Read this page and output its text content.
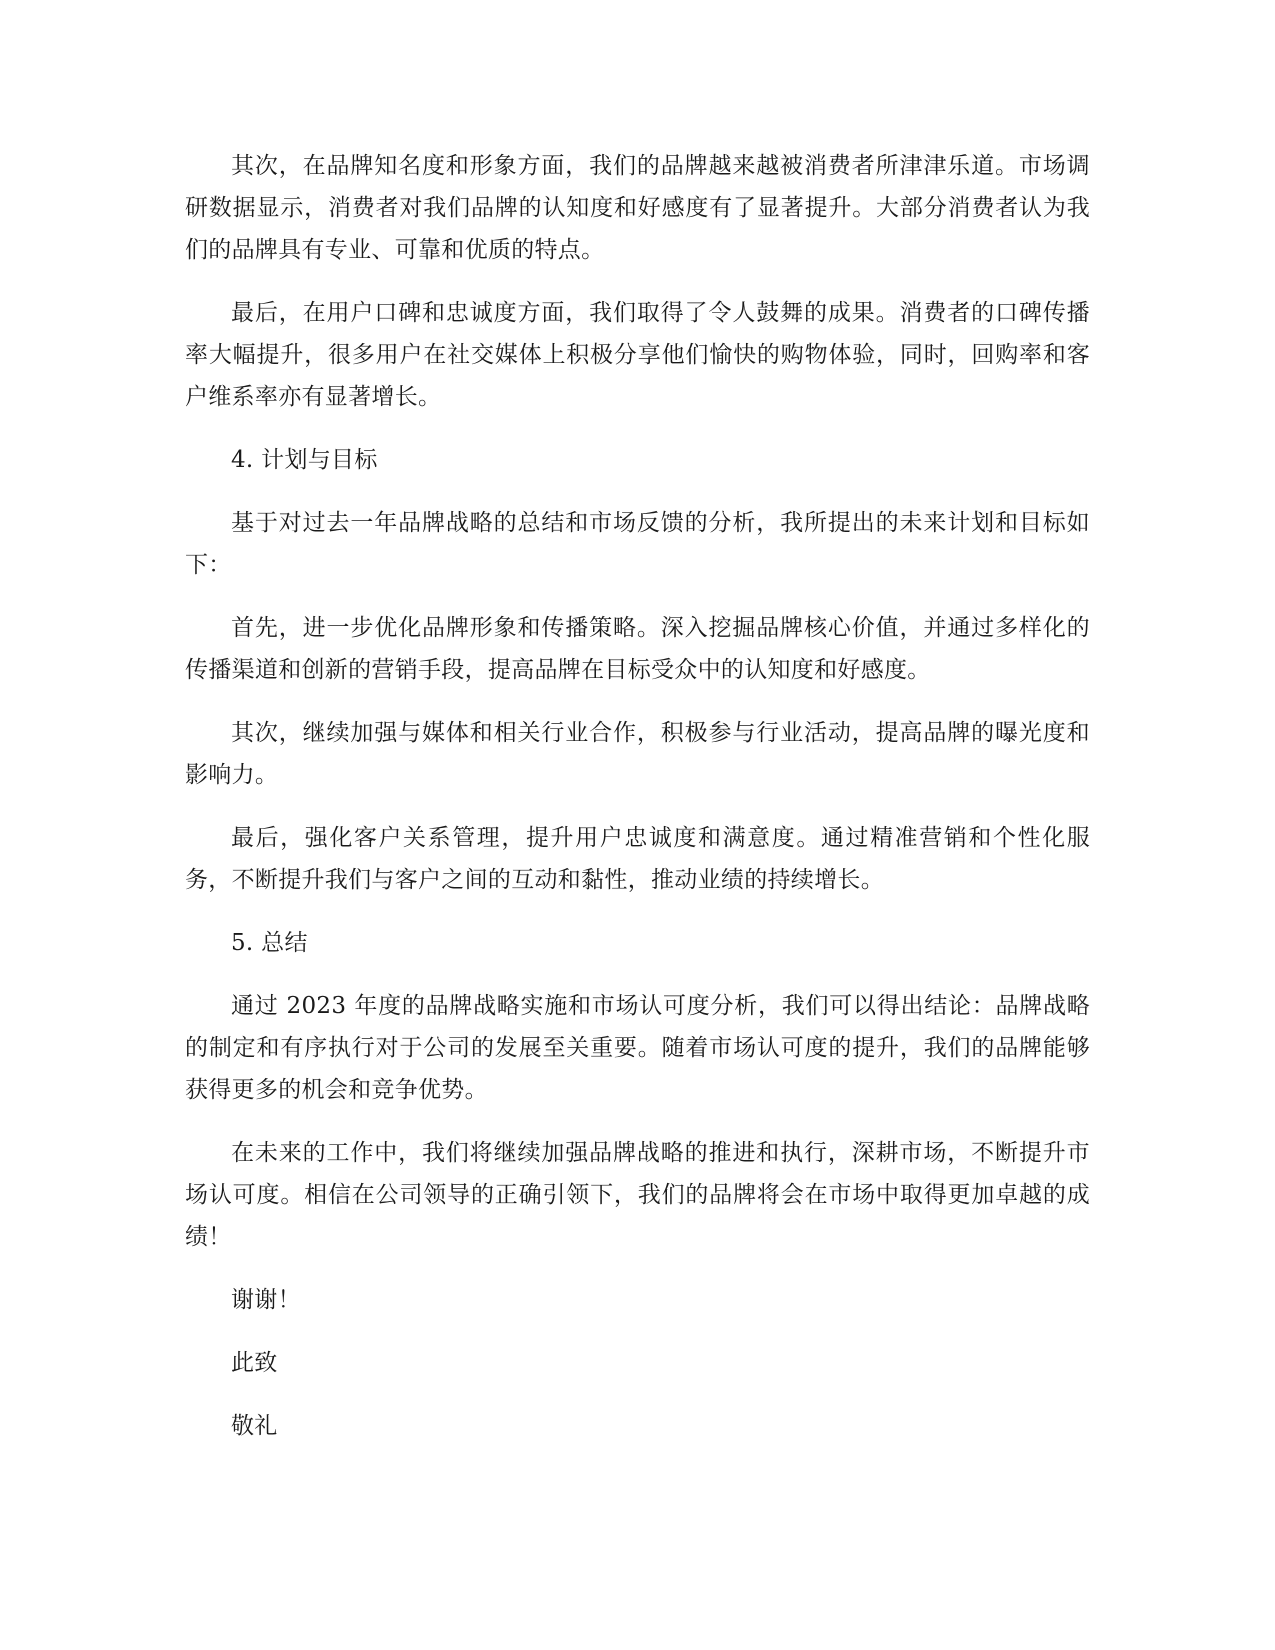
其次，在品牌知名度和形象方面，我们的品牌越来越被消费者所津津乐道。市场调研数据显示，消费者对我们品牌的认知度和好感度有了显著提升。大部分消费者认为我们的品牌具有专业、可靠和优质的特点。

最后，在用户口碑和忠诚度方面，我们取得了令人鼓舞的成果。消费者的口碑传播率大幅提升，很多用户在社交媒体上积极分享他们愉快的购物体验，同时，回购率和客户维系率亦有显著增长。

4. 计划与目标

基于对过去一年品牌战略的总结和市场反馈的分析，我所提出的未来计划和目标如下：

首先，进一步优化品牌形象和传播策略。深入挖掘品牌核心价值，并通过多样化的传播渠道和创新的营销手段，提高品牌在目标受众中的认知度和好感度。

其次，继续加强与媒体和相关行业合作，积极参与行业活动，提高品牌的曝光度和影响力。

最后，强化客户关系管理，提升用户忠诚度和满意度。通过精准营销和个性化服务，不断提升我们与客户之间的互动和黏性，推动业绩的持续增长。

5. 总结

通过 2023 年度的品牌战略实施和市场认可度分析，我们可以得出结论：品牌战略的制定和有序执行对于公司的发展至关重要。随着市场认可度的提升，我们的品牌能够获得更多的机会和竞争优势。

在未来的工作中，我们将继续加强品牌战略的推进和执行，深耕市场，不断提升市场认可度。相信在公司领导的正确引领下，我们的品牌将会在市场中取得更加卓越的成绩！

谢谢！

此致

敬礼
